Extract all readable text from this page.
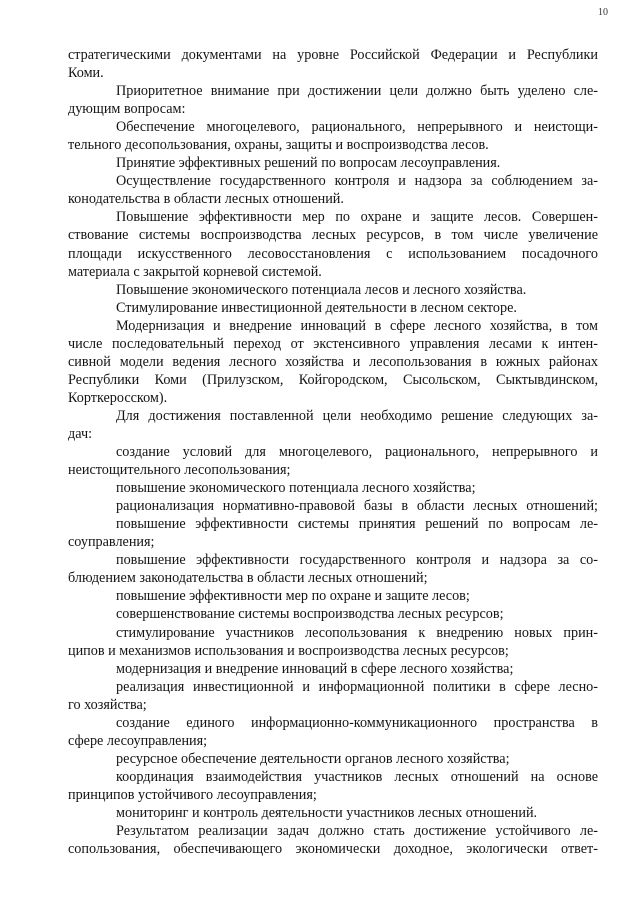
10
стратегическими документами на уровне Российской Федерации и Республики
Коми.
Приоритетное внимание при достижении цели должно быть уделено сле-
дующим вопросам:
Обеспечение многоцелевого, рационального, непрерывного и неистощи-
тельного десопользования, охраны, защиты и воспроизводства лесов.
Принятие эффективных решений по вопросам лесоуправления.
Осуществление государственного контроля и надзора за соблюдением за-
конодательства в области лесных отношений.
Повышение эффективности мер по охране и защите лесов. Совершен-
ствование системы воспроизводства лесных ресурсов, в том числе увеличение
площади искусственного лесовосстановления с использованием посадочного
материала с закрытой корневой системой.
Повышение экономического потенциала лесов и лесного хозяйства.
Стимулирование инвестиционной деятельности в лесном секторе.
Модернизация и внедрение инноваций в сфере лесного хозяйства, в том
числе последовательный переход от экстенсивного управления лесами к интен-
сивной модели ведения лесного хозяйства и лесопользования в южных районах
Республики Коми (Прилузском, Койгородском, Сысольском, Сыктывдинском,
Корткеросском).
Для достижения поставленной цели необходимо решение следующих за-
дач:
создание условий для многоцелевого, рационального, непрерывного и
неистощительного лесопользования;
повышение экономического потенциала лесного хозяйства;
рационализация нормативно-правовой базы в области лесных отношений;
повышение эффективности системы принятия решений по вопросам ле-
соуправления;
повышение эффективности государственного контроля и надзора за со-
блюдением законодательства в области лесных отношений;
повышение эффективности мер по охране и защите лесов;
совершенствование системы воспроизводства лесных ресурсов;
стимулирование участников лесопользования к внедрению новых прин-
ципов и механизмов использования и воспроизводства лесных ресурсов;
модернизация и внедрение инноваций в сфере лесного хозяйства;
реализация инвестиционной и информационной политики в сфере лесно-
го хозяйства;
создание единого информационно-коммуникационного пространства в
сфере лесоуправления;
ресурсное обеспечение деятельности органов лесного хозяйства;
координация взаимодействия участников лесных отношений на основе
принципов устойчивого лесоуправления;
мониторинг и контроль деятельности участников лесных отношений.
Результатом реализации задач должно стать достижение устойчивого ле-
сопользования, обеспечивающего экономически доходное, экологически ответ-
